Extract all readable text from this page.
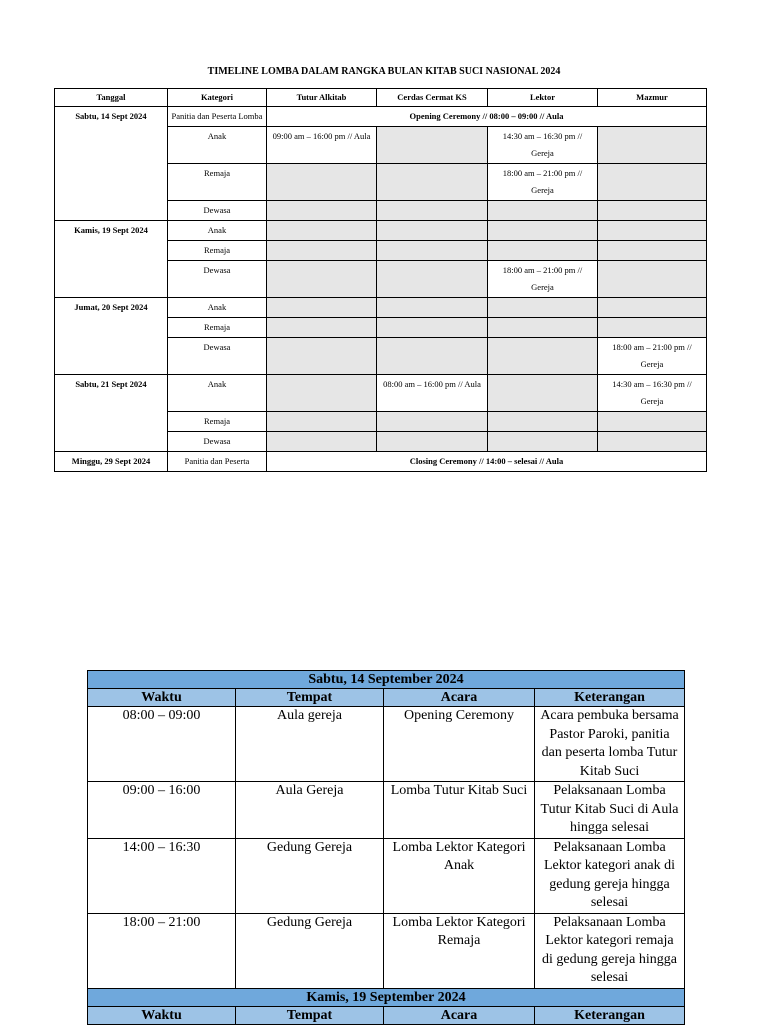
TIMELINE LOMBA DALAM RANGKA BULAN KITAB SUCI NASIONAL 2024
Tanggal	Kategori	Tutur Alkitab	Cerdas Cermat KS	Lektor	Mazmur
Sabtu, 14 Sept 2024	Panitia dan Peserta Lomba	Opening Ceremony // 08:00 – 09:00 // Aula			
	Anak	09:00 am – 16:00 pm // Aula		14:30 am – 16:30 pm // Gereja	
	Remaja			18:00 am – 21:00 pm // Gereja	
	Dewasa				
Kamis, 19 Sept 2024	Anak				
	Remaja				
	Dewasa			18:00 am – 21:00 pm // Gereja	
Jumat, 20 Sept 2024	Anak				
	Remaja				
	Dewasa				18:00 am – 21:00 pm // Gereja
Sabtu, 21 Sept 2024	Anak		08:00 am – 16:00 pm // Aula		14:30 am – 16:30 pm // Gereja
	Remaja				
	Dewasa				
Minggu, 29 Sept 2024	Panitia dan Peserta	Closing Ceremony // 14:00 – selesai // Aula			
Sabtu, 14 September 2024			
Waktu	Tempat	Acara	Keterangan
08:00 – 09:00	Aula gereja	Opening Ceremony	Acara pembuka bersama Pastor Paroki, panitia dan peserta lomba Tutur Kitab Suci
09:00 – 16:00	Aula Gereja	Lomba Tutur Kitab Suci	Pelaksanaan Lomba Tutur Kitab Suci di Aula hingga selesai
14:00 – 16:30	Gedung Gereja	Lomba Lektor Kategori Anak	Pelaksanaan Lomba Lektor kategori anak di gedung gereja hingga selesai
18:00 – 21:00	Gedung Gereja	Lomba Lektor Kategori Remaja	Pelaksanaan Lomba Lektor kategori remaja di gedung gereja hingga selesai
Kamis, 19 September 2024			
Waktu	Tempat	Acara	Keterangan
